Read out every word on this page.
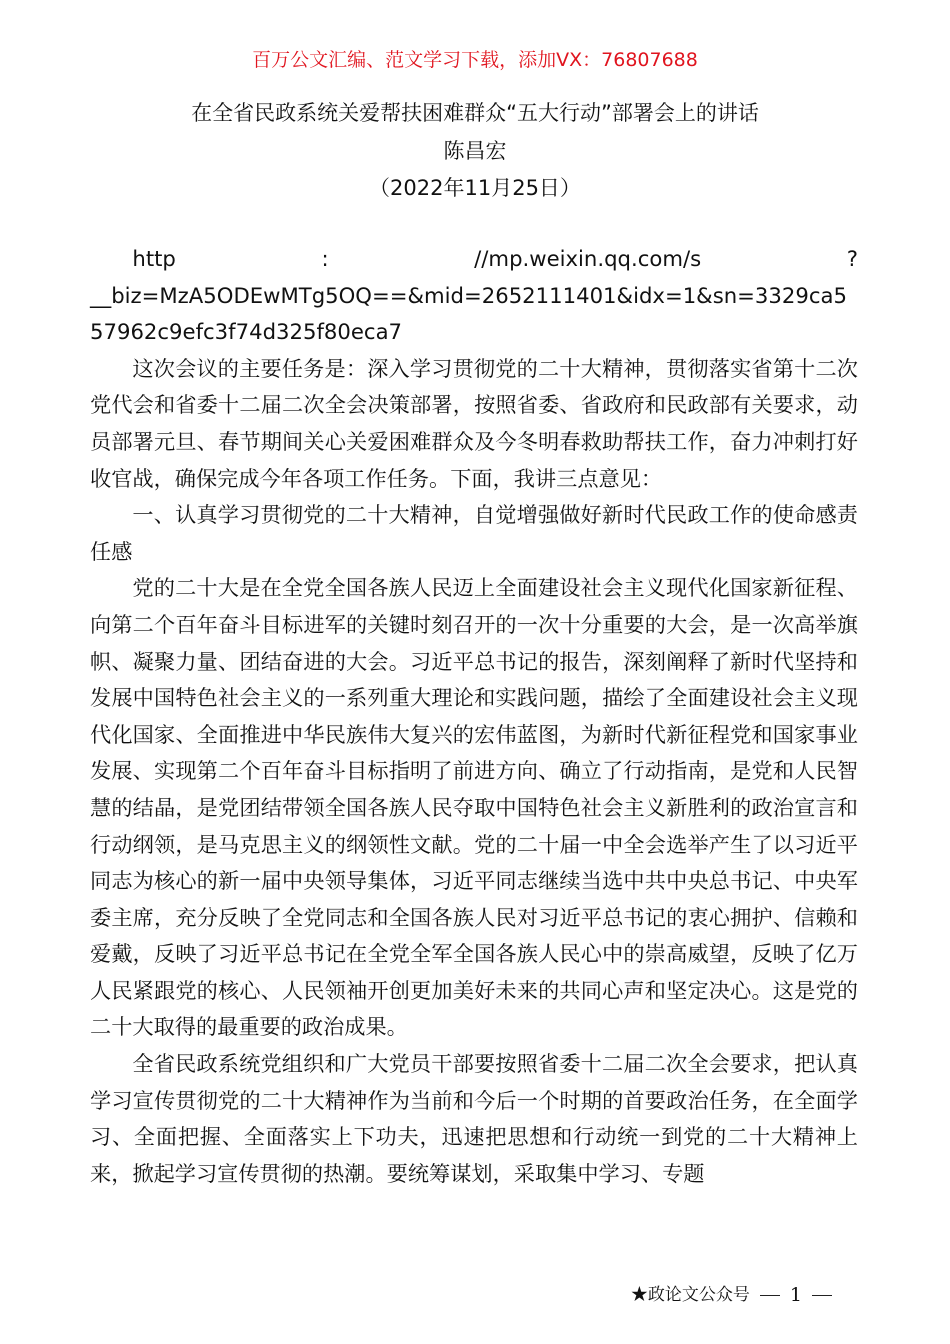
百万公文汇编、范文学习下载，添加VX：76807688
在全省民政系统关爱帮扶困难群众“五大行动”部署会上的讲话
陈昌宏
（2022年11月25日）
http	:	//mp.weixin.qq.com/s	?
__biz=MzA5ODEwMTg5OQ==&mid=2652111401&idx=1&sn=3329ca557962c9efc3f74d325f80eca7

这次会议的主要任务是：深入学习贯彻党的二十大精神，贯彻落实省第十二次党代会和省委十二届二次全会决策部署，按照省委、省政府和民政部有关要求，动员部署元旦、春节期间关心关爱困难群众及今冬明春救助帮扶工作，奋力冲刺打好收官战，确保完成今年各项工作任务。下面，我讲三点意见：

一、认真学习贯彻党的二十大精神，自觉增强做好新时代民政工作的使命感责任感

党的二十大是在全党全国各族人民迈上全面建设社会主义现代化国家新征程、向第二个百年奋斗目标进军的关键时刻召开的一次十分重要的大会，是一次高举旗帜、凝聚力量、团结奋进的大会。习近平总书记的报告，深刻阐释了新时代坚持和发展中国特色社会主义的一系列重大理论和实践问题，描绘了全面建设社会主义现代化国家、全面推进中华民族伟大复兴的宏伟蓝图，为新时代新征程党和国家事业发展、实现第二个百年奋斗目标指明了前进方向、确立了行动指南，是党和人民智慧的结晶，是党团结带领全国各族人民夺取中国特色社会主义新胜利的政治宣言和行动纲领，是马克思主义的纲领性文献。党的二十届一中全会选举产生了以习近平同志为核心的新一届中央领导集体，习近平同志继续当选中共中央总书记、中央军委主席，充分反映了全党同志和全国各族人民对习近平总书记的衷心拥护、信赖和爱戴，反映了习近平总书记在全党全军全国各族人民心中的崇高威望，反映了亿万人民紧跟党的核心、人民领袖开创更加美好未来的共同心声和坚定决心。这是党的二十大取得的最重要的政治成果。

全省民政系统党组织和广大党员干部要按照省委十二届二次全会要求，把认真学习宣传贯彻党的二十大精神作为当前和今后一个时期的首要政治任务，在全面学习、全面把握、全面落实上下功夫，迅速把思想和行动统一到党的二十大精神上来，掀起学习宣传贯彻的热潮。要统筹谋划，采取集中学习、专题

★政论文公众号 1
